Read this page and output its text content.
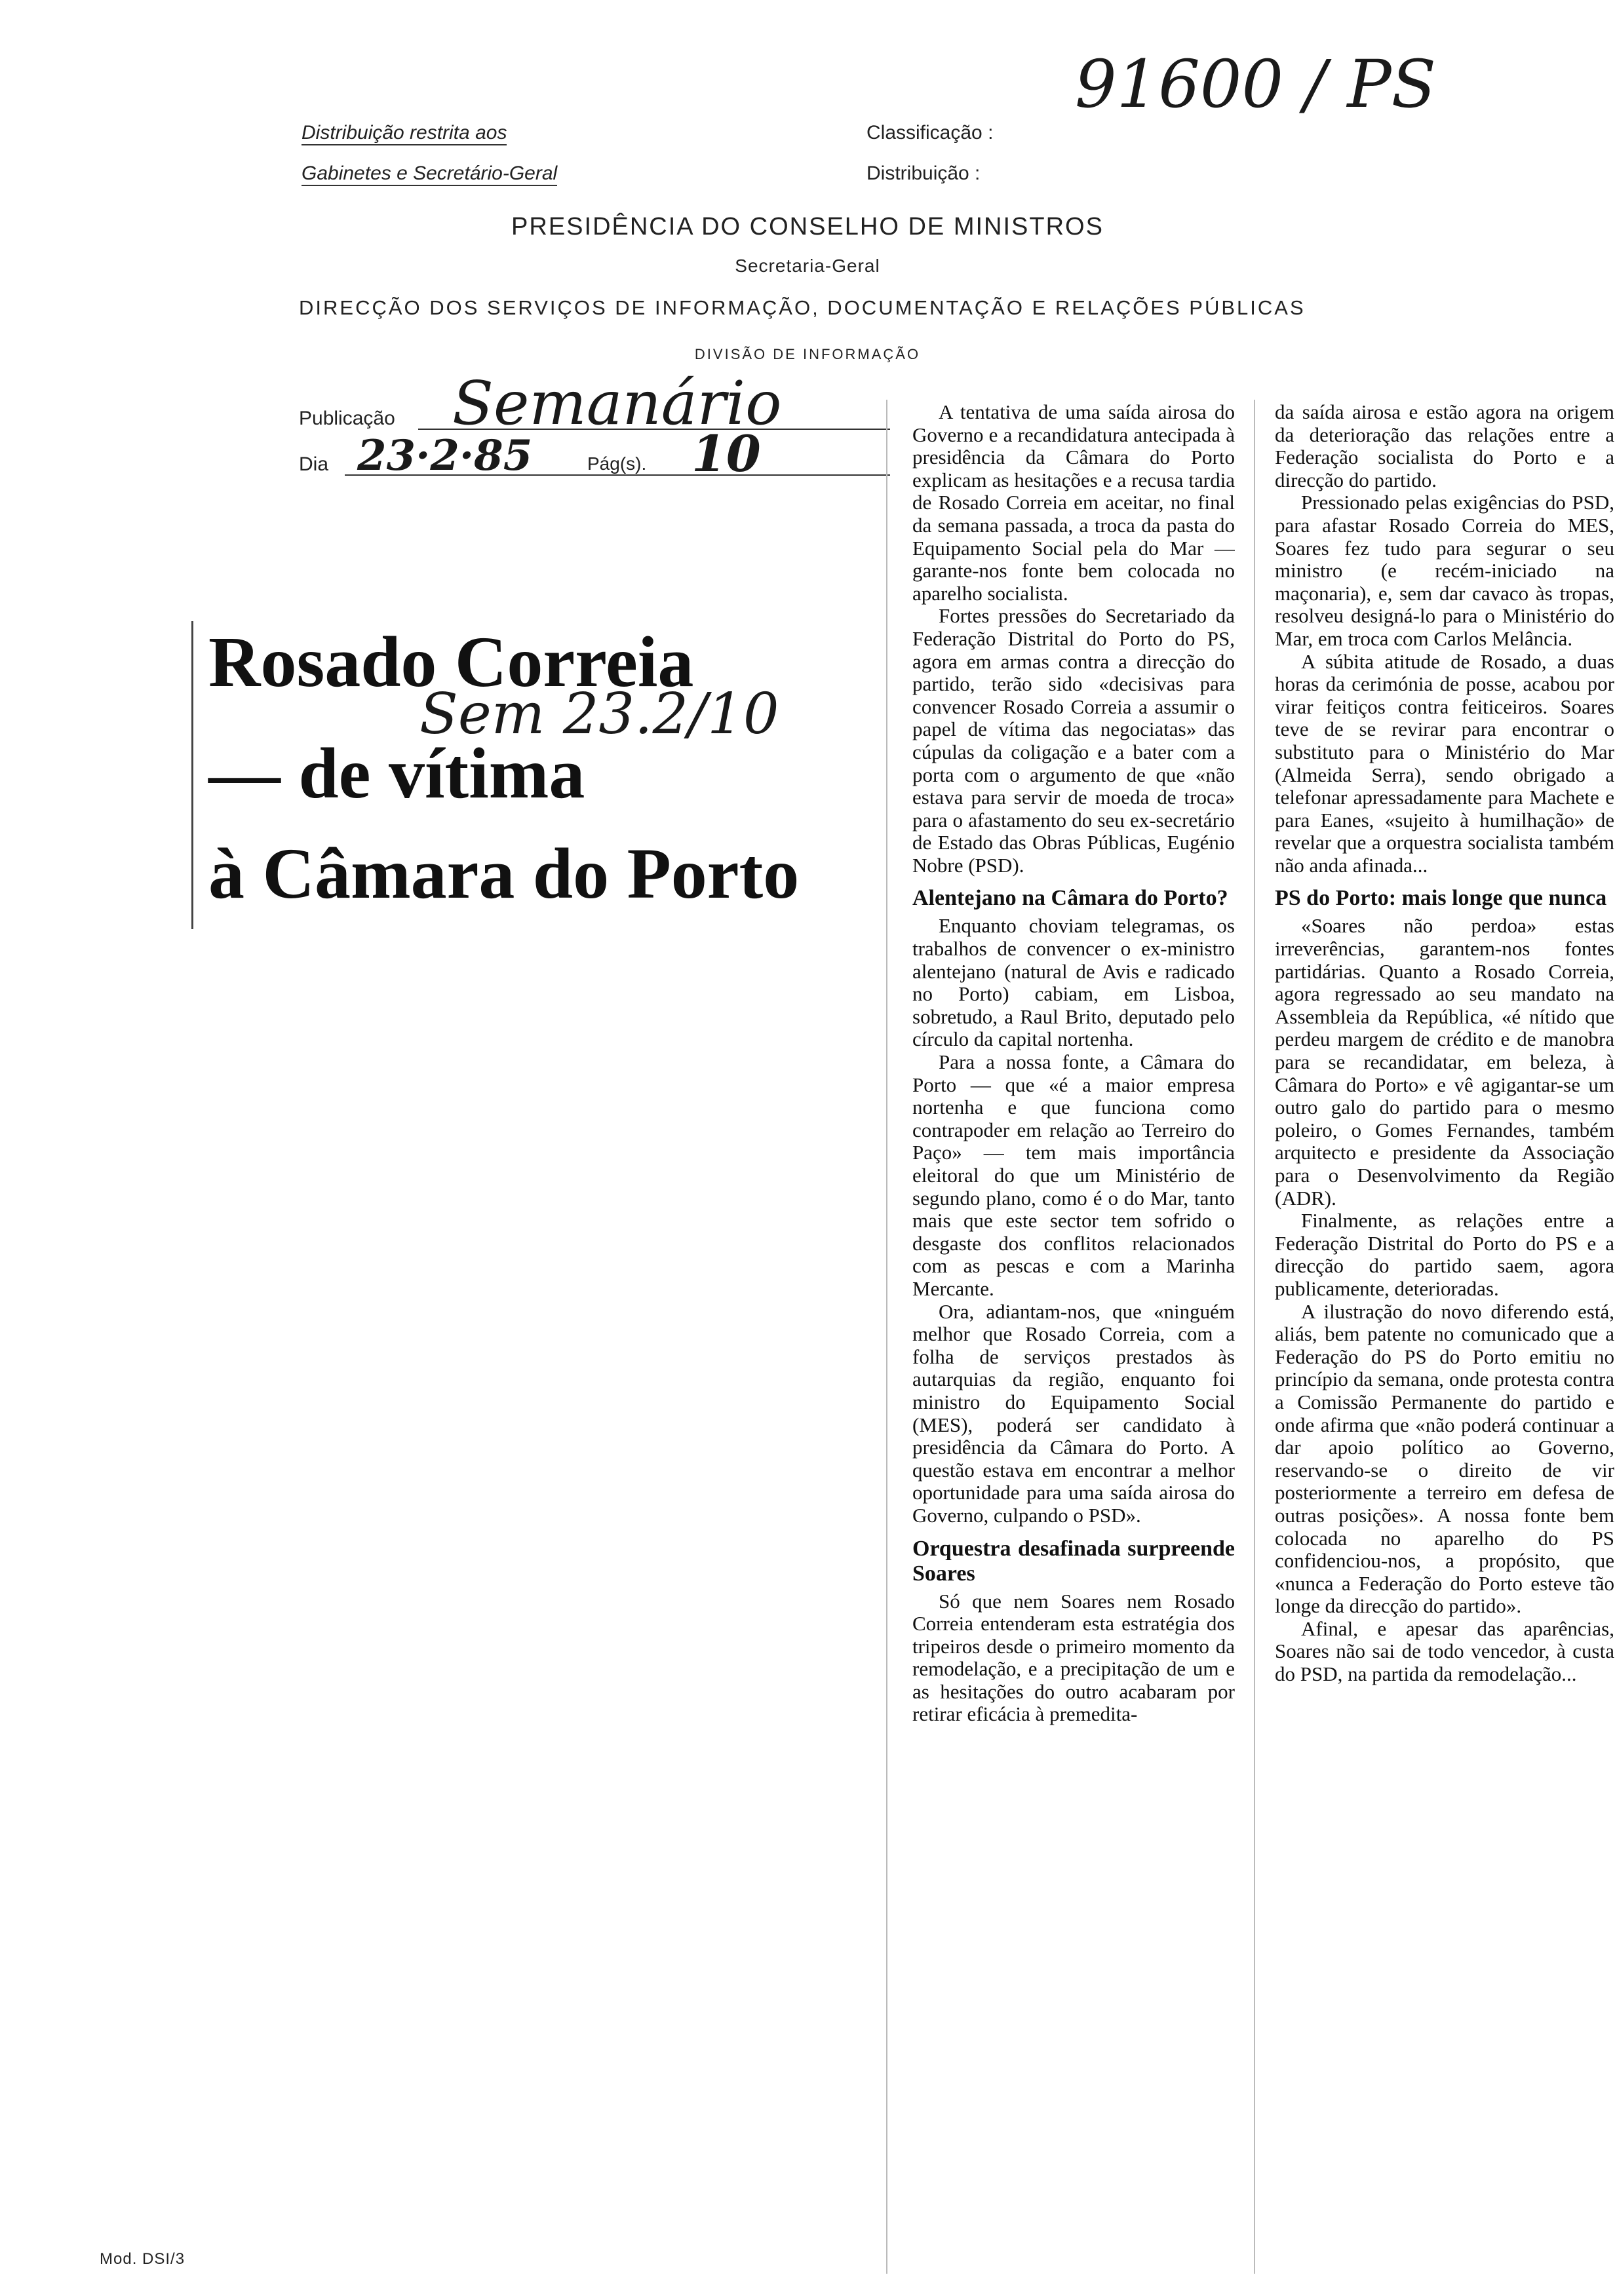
91600 / PS
Distribuição restrita aos
Gabinetes e Secretário-Geral
Classificação :
Distribuição :
PRESIDÊNCIA DO CONSELHO DE MINISTROS
Secretaria-Geral
DIRECÇÃO DOS SERVIÇOS DE INFORMAÇÃO, DOCUMENTAÇÃO E RELAÇÕES PÚBLICAS
DIVISÃO DE INFORMAÇÃO
Publicação Semanário
Dia 23·2·85	Pág(s). 10
Rosado Correia
— de vítima
à Câmara do Porto
Sem 23.2/10

A tentativa de uma saída airosa do Governo e a recandidatura antecipada à presidência da Câmara do Porto explicam as hesitações e a recusa tardia de Rosado Correia em aceitar, no final da semana passada, a troca da pasta do Equipamento Social pela do Mar — garante-nos fonte bem colocada no aparelho socialista.

Fortes pressões do Secretariado da Federação Distrital do Porto do PS, agora em armas contra a direcção do partido, terão sido «decisivas para convencer Rosado Correia a assumir o papel de vítima das negociatas» das cúpulas da coligação e a bater com a porta com o argumento de que «não estava para servir de moeda de troca» para o afastamento do seu ex-secretário de Estado das Obras Públicas, Eugénio Nobre (PSD).

Alentejano na Câmara do Porto?

Enquanto choviam telegramas, os trabalhos de convencer o ex-ministro alentejano (natural de Avis e radicado no Porto) cabiam, em Lisboa, sobretudo, a Raul Brito, deputado pelo círculo da capital nortenha.

Para a nossa fonte, a Câmara do Porto — que «é a maior empresa nortenha e que funciona como contrapoder em relação ao Terreiro do Paço» — tem mais importância eleitoral do que um Ministério de segundo plano, como é o do Mar, tanto mais que este sector tem sofrido o desgaste dos conflitos relacionados com as pescas e com a Marinha Mercante.

Ora, adiantam-nos, que «ninguém melhor que Rosado Correia, com a folha de serviços prestados às autarquias da região, enquanto foi ministro do Equipamento Social (MES), poderá ser candidato à presidência da Câmara do Porto. A questão estava em encontrar a melhor oportunidade para uma saída airosa do Governo, culpando o PSD».

Orquestra desafinada surpreende Soares

Só que nem Soares nem Rosado Correia entenderam esta estratégia dos tripeiros desde o primeiro momento da remodelação, e a precipitação de um e as hesitações do outro acabaram por retirar eficácia à premedita-

da saída airosa e estão agora na origem da deterioração das relações entre a Federação socialista do Porto e a direcção do partido.

Pressionado pelas exigências do PSD, para afastar Rosado Correia do MES, Soares fez tudo para segurar o seu ministro (e recém-iniciado na maçonaria), e, sem dar cavaco às tropas, resolveu designá-lo para o Ministério do Mar, em troca com Carlos Melância.

A súbita atitude de Rosado, a duas horas da cerimónia de posse, acabou por virar feitiços contra feiticeiros. Soares teve de se revirar para encontrar o substituto para o Ministério do Mar (Almeida Serra), sendo obrigado a telefonar apressadamente para Machete e para Eanes, «sujeito à humilhação» de revelar que a orquestra socialista também não anda afinada...

PS do Porto: mais longe que nunca

«Soares não perdoa» estas irreverências, garantem-nos fontes partidárias. Quanto a Rosado Correia, agora regressado ao seu mandato na Assembleia da República, «é nítido que perdeu margem de crédito e de manobra para se recandidatar, em beleza, à Câmara do Porto» e vê agigantar-se um outro galo do partido para o mesmo poleiro, o Gomes Fernandes, também arquitecto e presidente da Associação para o Desenvolvimento da Região (ADR).

Finalmente, as relações entre a Federação Distrital do Porto do PS e a direcção do partido saem, agora publicamente, deterioradas.

A ilustração do novo diferendo está, aliás, bem patente no comunicado que a Federação do PS do Porto emitiu no princípio da semana, onde protesta contra a Comissão Permanente do partido e onde afirma que «não poderá continuar a dar apoio político ao Governo, reservando-se o direito de vir posteriormente a terreiro em defesa de outras posições». A nossa fonte bem colocada no aparelho do PS confidenciou-nos, a propósito, que «nunca a Federação do Porto esteve tão longe da direcção do partido».

Afinal, e apesar das aparências, Soares não sai de todo vencedor, à custa do PSD, na partida da remodelação...

Mod. DSI/3
